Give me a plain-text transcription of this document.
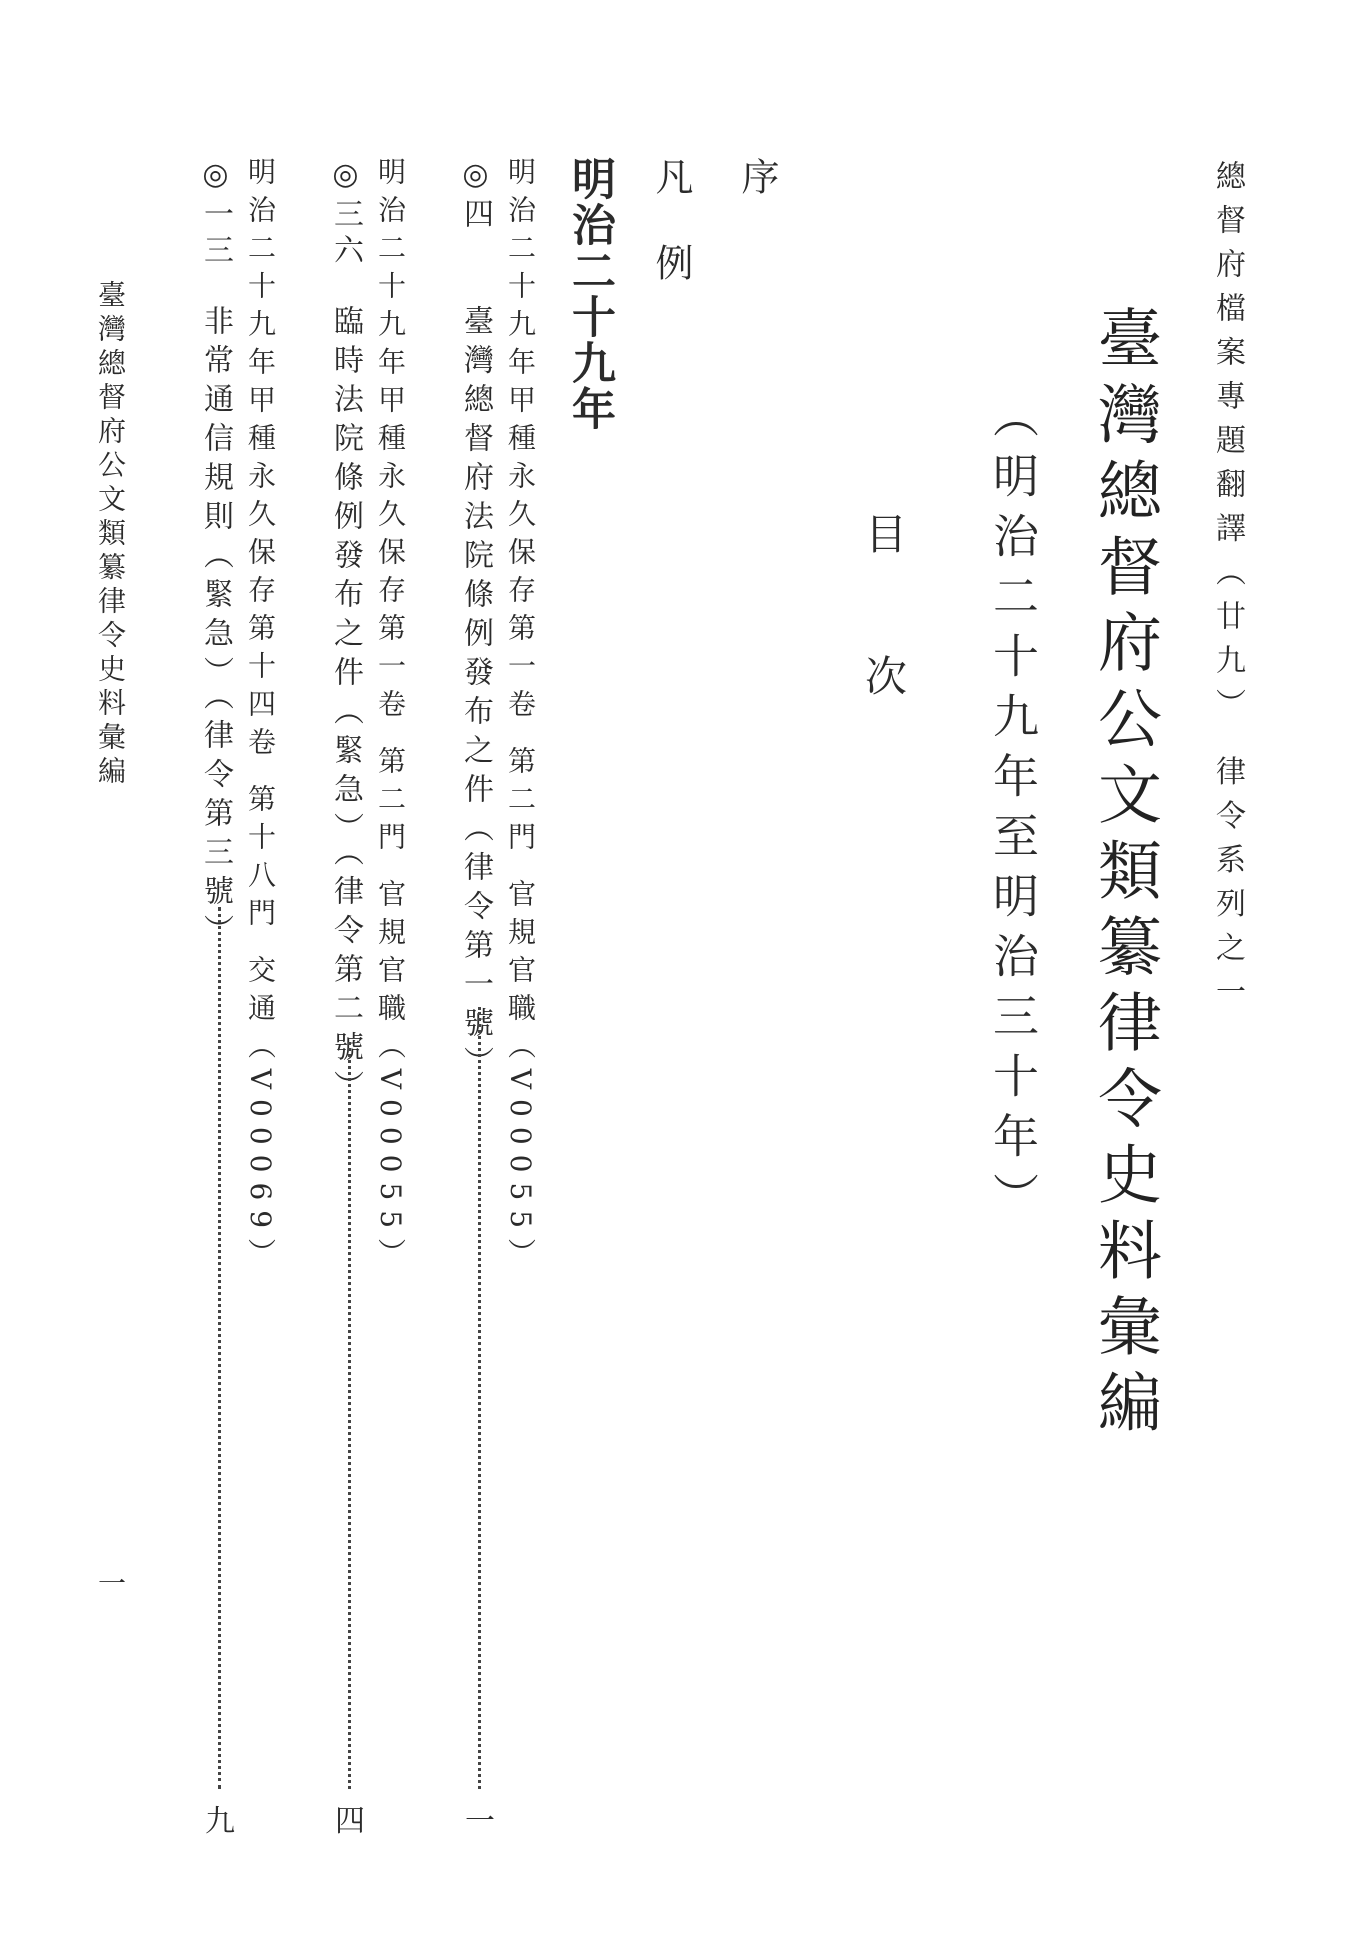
總督府檔案專題翻譯（廿九） 律令系列之一
臺灣總督府公文類纂律令史料彙編
（明治二十九年至明治三十年）
目次
序
凡例
明治二十九年
明治二十九年甲種永久保存第一卷 第二門 官規官職（V00055）
◎四
臺灣總督府法院條例發布之件（律令第一號）
一
明治二十九年甲種永久保存第一卷 第二門 官規官職（V00055）
◎三六
臨時法院條例發布之件（緊急）（律令第二號）
四
明治二十九年甲種永久保存第十四卷 第十八門 交通（V00069）
◎一三
非常通信規則（緊急）（律令第三號）
九
臺灣總督府公文類纂律令史料彙編
一
